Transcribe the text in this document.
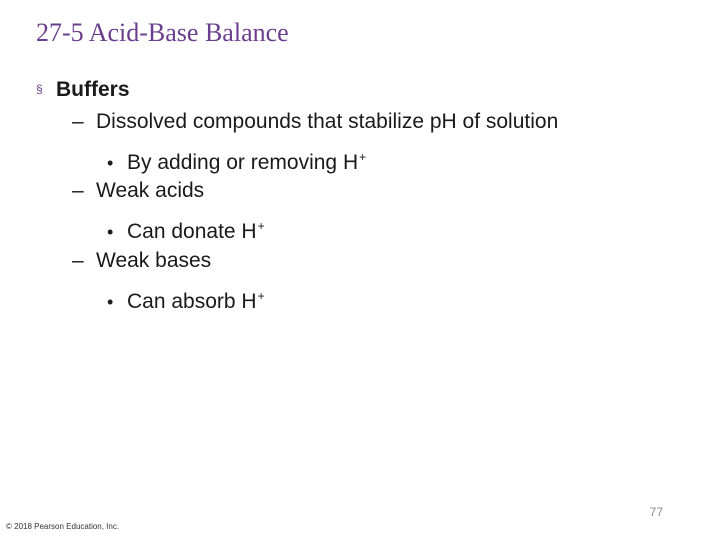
27-5 Acid-Base Balance
§ Buffers
– Dissolved compounds that stabilize pH of solution
• By adding or removing H+
– Weak acids
• Can donate H+
– Weak bases
• Can absorb H+
77
© 2018 Pearson Education, Inc.
